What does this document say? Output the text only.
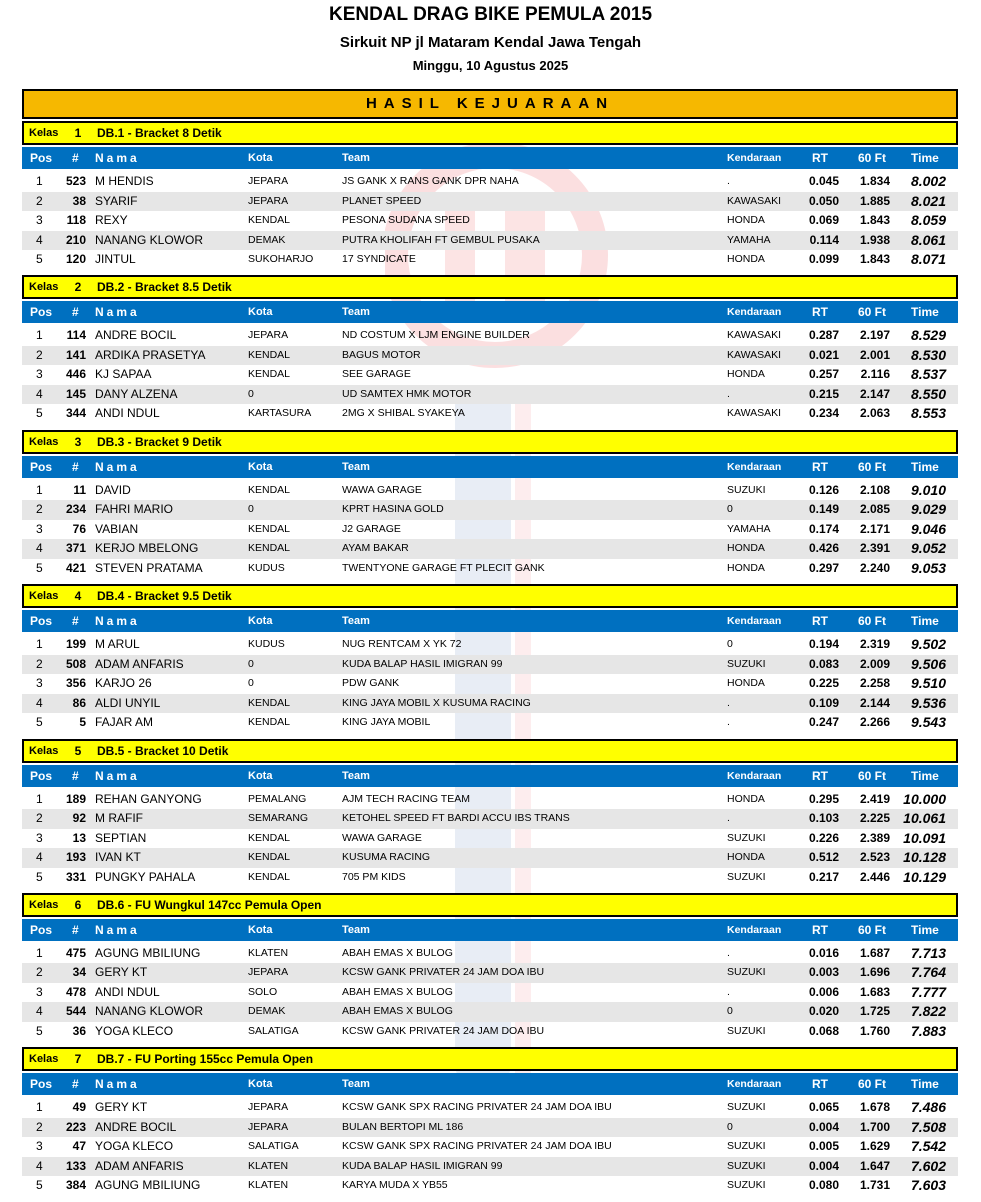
KENDAL DRAG BIKE PEMULA 2015
Sirkuit NP jl Mataram Kendal Jawa Tengah
Minggu, 10 Agustus 2025
HASIL KEJUARAAN
Kelas 1 DB.1 - Bracket 8 Detik
Pos # Nama	Kota	Team	Kendaraan	RT	60 Ft Time
1	523 M HENDIS	JEPARA	JS GANK X RANS GANK DPR NAHA	.	0.045	1.834	8.002
2	38 SYARIF	JEPARA	PLANET SPEED	KAWASAKI	0.050	1.885	8.021
3	118 REXY	KENDAL	PESONA SUDANA SPEED	HONDA	0.069	1.843	8.059
4	210 NANANG KLOWOR	DEMAK	PUTRA KHOLIFAH FT GEMBUL PUSAKA	YAMAHA	0.114	1.938	8.061
5	120 JINTUL	SUKOHARJO	17 SYNDICATE	HONDA	0.099	1.843	8.071
Kelas 2 DB.2 - Bracket 8.5 Detik
Pos # Nama	Kota	Team	Kendaraan	RT	60 Ft Time
1	114 ANDRE BOCIL	JEPARA	ND COSTUM X LJM ENGINE BUILDER	KAWASAKI	0.287	2.197	8.529
2	141 ARDIKA PRASETYA	KENDAL	BAGUS MOTOR	KAWASAKI	0.021	2.001	8.530
3	446 KJ SAPAA	KENDAL	SEE GARAGE	HONDA	0.257	2.116	8.537
4	145 DANY ALZENA	0	UD SAMTEX HMK MOTOR	.	0.215	2.147	8.550
5	344 ANDI NDUL	KARTASURA	2MG X SHIBAL SYAKEYA	KAWASAKI	0.234	2.063	8.553
Kelas 3 DB.3 - Bracket 9 Detik
Pos # Nama	Kota	Team	Kendaraan	RT	60 Ft Time
1	11 DAVID	KENDAL	WAWA GARAGE	SUZUKI	0.126	2.108	9.010
2	234 FAHRI MARIO	0	KPRT HASINA GOLD	0	0.149	2.085	9.029
3	76 VABIAN	KENDAL	J2 GARAGE	YAMAHA	0.174	2.171	9.046
4	371 KERJO MBELONG	KENDAL	AYAM BAKAR	HONDA	0.426	2.391	9.052
5	421 STEVEN PRATAMA	KUDUS	TWENTYONE GARAGE FT PLECIT GANK	HONDA	0.297	2.240	9.053
Kelas 4 DB.4 - Bracket 9.5 Detik
Pos # Nama	Kota	Team	Kendaraan	RT	60 Ft Time
1	199 M ARUL	KUDUS	NUG RENTCAM X YK 72	0	0.194	2.319	9.502
2	508 ADAM ANFARIS	0	KUDA BALAP HASIL IMIGRAN 99	SUZUKI	0.083	2.009	9.506
3	356 KARJO 26	0	PDW GANK	HONDA	0.225	2.258	9.510
4	86 ALDI UNYIL	KENDAL	KING JAYA MOBIL X KUSUMA RACING	.	0.109	2.144	9.536
5	5 FAJAR AM	KENDAL	KING JAYA MOBIL	.	0.247	2.266	9.543
Kelas 5 DB.5 - Bracket 10 Detik
Pos # Nama	Kota	Team	Kendaraan	RT	60 Ft Time
1	189 REHAN GANYONG	PEMALANG	AJM TECH RACING TEAM	HONDA	0.295	2.419 10.000
2	92 M RAFIF	SEMARANG	KETOHEL SPEED FT BARDI ACCU IBS TRANS	.	0.103	2.225 10.061
3	13 SEPTIAN	KENDAL	WAWA GARAGE	SUZUKI	0.226	2.389 10.091
4	193 IVAN KT	KENDAL	KUSUMA RACING	HONDA	0.512	2.523 10.128
5	331 PUNGKY PAHALA	KENDAL	705 PM KIDS	SUZUKI	0.217	2.446 10.129
Kelas 6 DB.6 - FU Wungkul 147cc Pemula Open
Pos # Nama	Kota	Team	Kendaraan	RT	60 Ft Time
1	475 AGUNG MBILIUNG	KLATEN	ABAH EMAS X BULOG	.	0.016	1.687	7.713
2	34 GERY KT	JEPARA	KCSW GANK PRIVATER 24 JAM DOA IBU	SUZUKI	0.003	1.696	7.764
3	478 ANDI NDUL	SOLO	ABAH EMAS X BULOG	.	0.006	1.683	7.777
4	544 NANANG KLOWOR	DEMAK	ABAH EMAS X BULOG	0	0.020	1.725	7.822
5	36 YOGA KLECO	SALATIGA	KCSW GANK PRIVATER 24 JAM DOA IBU	SUZUKI	0.068	1.760	7.883
Kelas 7 DB.7 - FU Porting 155cc Pemula Open
Pos # Nama	Kota	Team	Kendaraan	RT	60 Ft Time
1	49 GERY KT	JEPARA	KCSW GANK SPX RACING PRIVATER 24 JAM DOA IBU	SUZUKI	0.065	1.678	7.486
2	223 ANDRE BOCIL	JEPARA	BULAN BERTOPI ML 186	0	0.004	1.700	7.508
3	47 YOGA KLECO	SALATIGA	KCSW GANK SPX RACING PRIVATER 24 JAM DOA IBU	SUZUKI	0.005	1.629	7.542
4	133 ADAM ANFARIS	KLATEN	KUDA BALAP HASIL IMIGRAN 99	SUZUKI	0.004	1.647	7.602
5	384 AGUNG MBILIUNG	KLATEN	KARYA MUDA X YB55	SUZUKI	0.080	1.731	7.603
